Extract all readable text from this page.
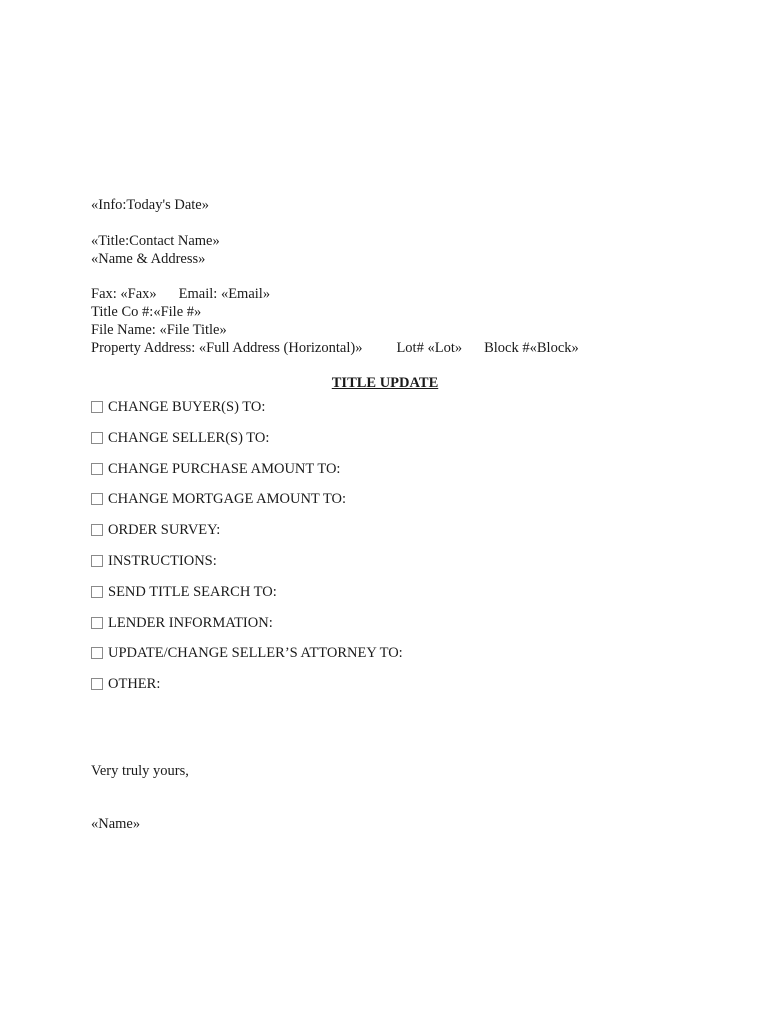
«Info:Today's Date»
«Title:Contact Name»
«Name & Address»
Fax: «Fax» Email: «Email»
Title Co #:«File #»
File Name: «File Title»
Property Address: «Full Address (Horizontal)» Lot# «Lot» Block #«Block»
TITLE UPDATE
CHANGE BUYER(S) TO:
CHANGE SELLER(S) TO:
CHANGE PURCHASE AMOUNT TO:
CHANGE MORTGAGE AMOUNT TO:
ORDER SURVEY:
INSTRUCTIONS:
SEND TITLE SEARCH TO:
LENDER INFORMATION:
UPDATE/CHANGE SELLER’S ATTORNEY TO:
OTHER:
Very truly yours,
«Name»
